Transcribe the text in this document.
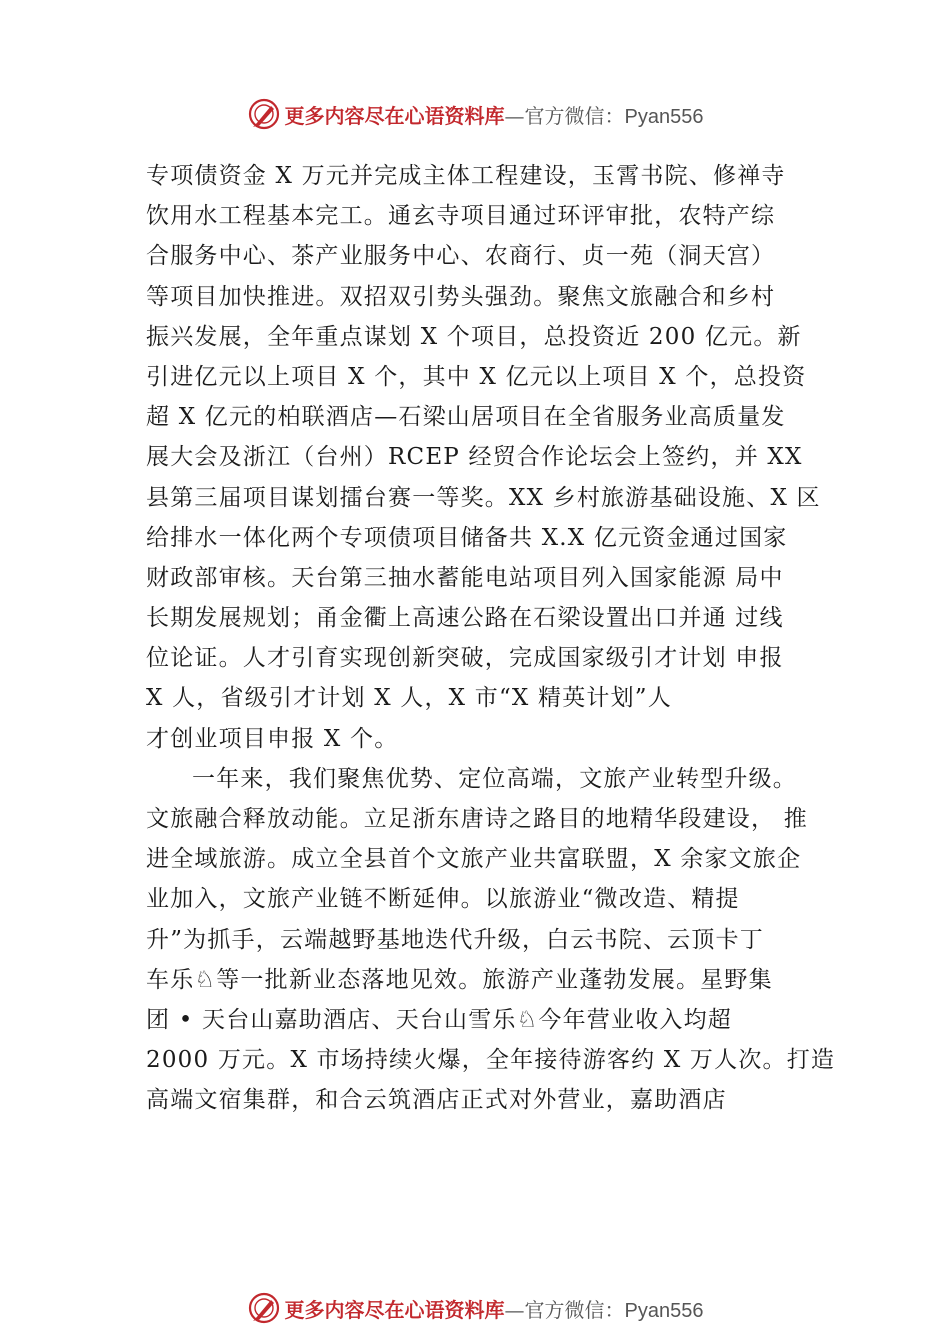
更多内容尽在心语资料库—官方微信：Pyan556
专项债资金 X 万元并完成主体工程建设，玉霄书院、修禅寺
饮用水工程基本完工。通玄寺项目通过环评审批，农特产综
合服务中心、茶产业服务中心、农商行、贞一苑（洞天宫）
等项目加快推进。双招双引势头强劲。聚焦文旅融合和乡村
振兴发展，全年重点谋划 X 个项目，总投资近 200 亿元。新
引进亿元以上项目 X 个，其中 X 亿元以上项目 X 个，总投资
超 X 亿元的柏联酒店—石梁山居项目在全省服务业高质量发
展大会及浙江（台州）RCEP 经贸合作论坛会上签约，并 XX
县第三届项目谋划擂台赛一等奖。XX 乡村旅游基础设施、X 区
给排水一体化两个专项债项目储备共 X.X 亿元资金通过国家
财政部审核。天台第三抽水蓄能电站项目列入国家能源 局中
长期发展规划；甬金衢上高速公路在石梁设置出口并通 过线
位论证。人才引育实现创新突破，完成国家级引才计划 申报
X 人，省级引才计划 X 人，X 市“X 精英计划”人
才创业项目申报 X 个。
一年来，我们聚焦优势、定位高端，文旅产业转型升级。
文旅融合释放动能。立足浙东唐诗之路目的地精华段建设， 推
进全域旅游。成立全县首个文旅产业共富联盟，X 余家文旅企
业加入，文旅产业链不断延伸。以旅游业“微改造、精提
升”为抓手，云端越野基地迭代升级，白云书院、云顶卡丁
车乐♘等一批新业态落地见效。旅游产业蓬勃发展。星野集
团 • 天台山嘉助酒店、天台山雪乐♘今年营业收入均超
2000 万元。X 市场持续火爆，全年接待游客约 X 万人次。打造
高端文宿集群，和合云筑酒店正式对外营业，嘉助酒店
更多内容尽在心语资料库—官方微信：Pyan556
